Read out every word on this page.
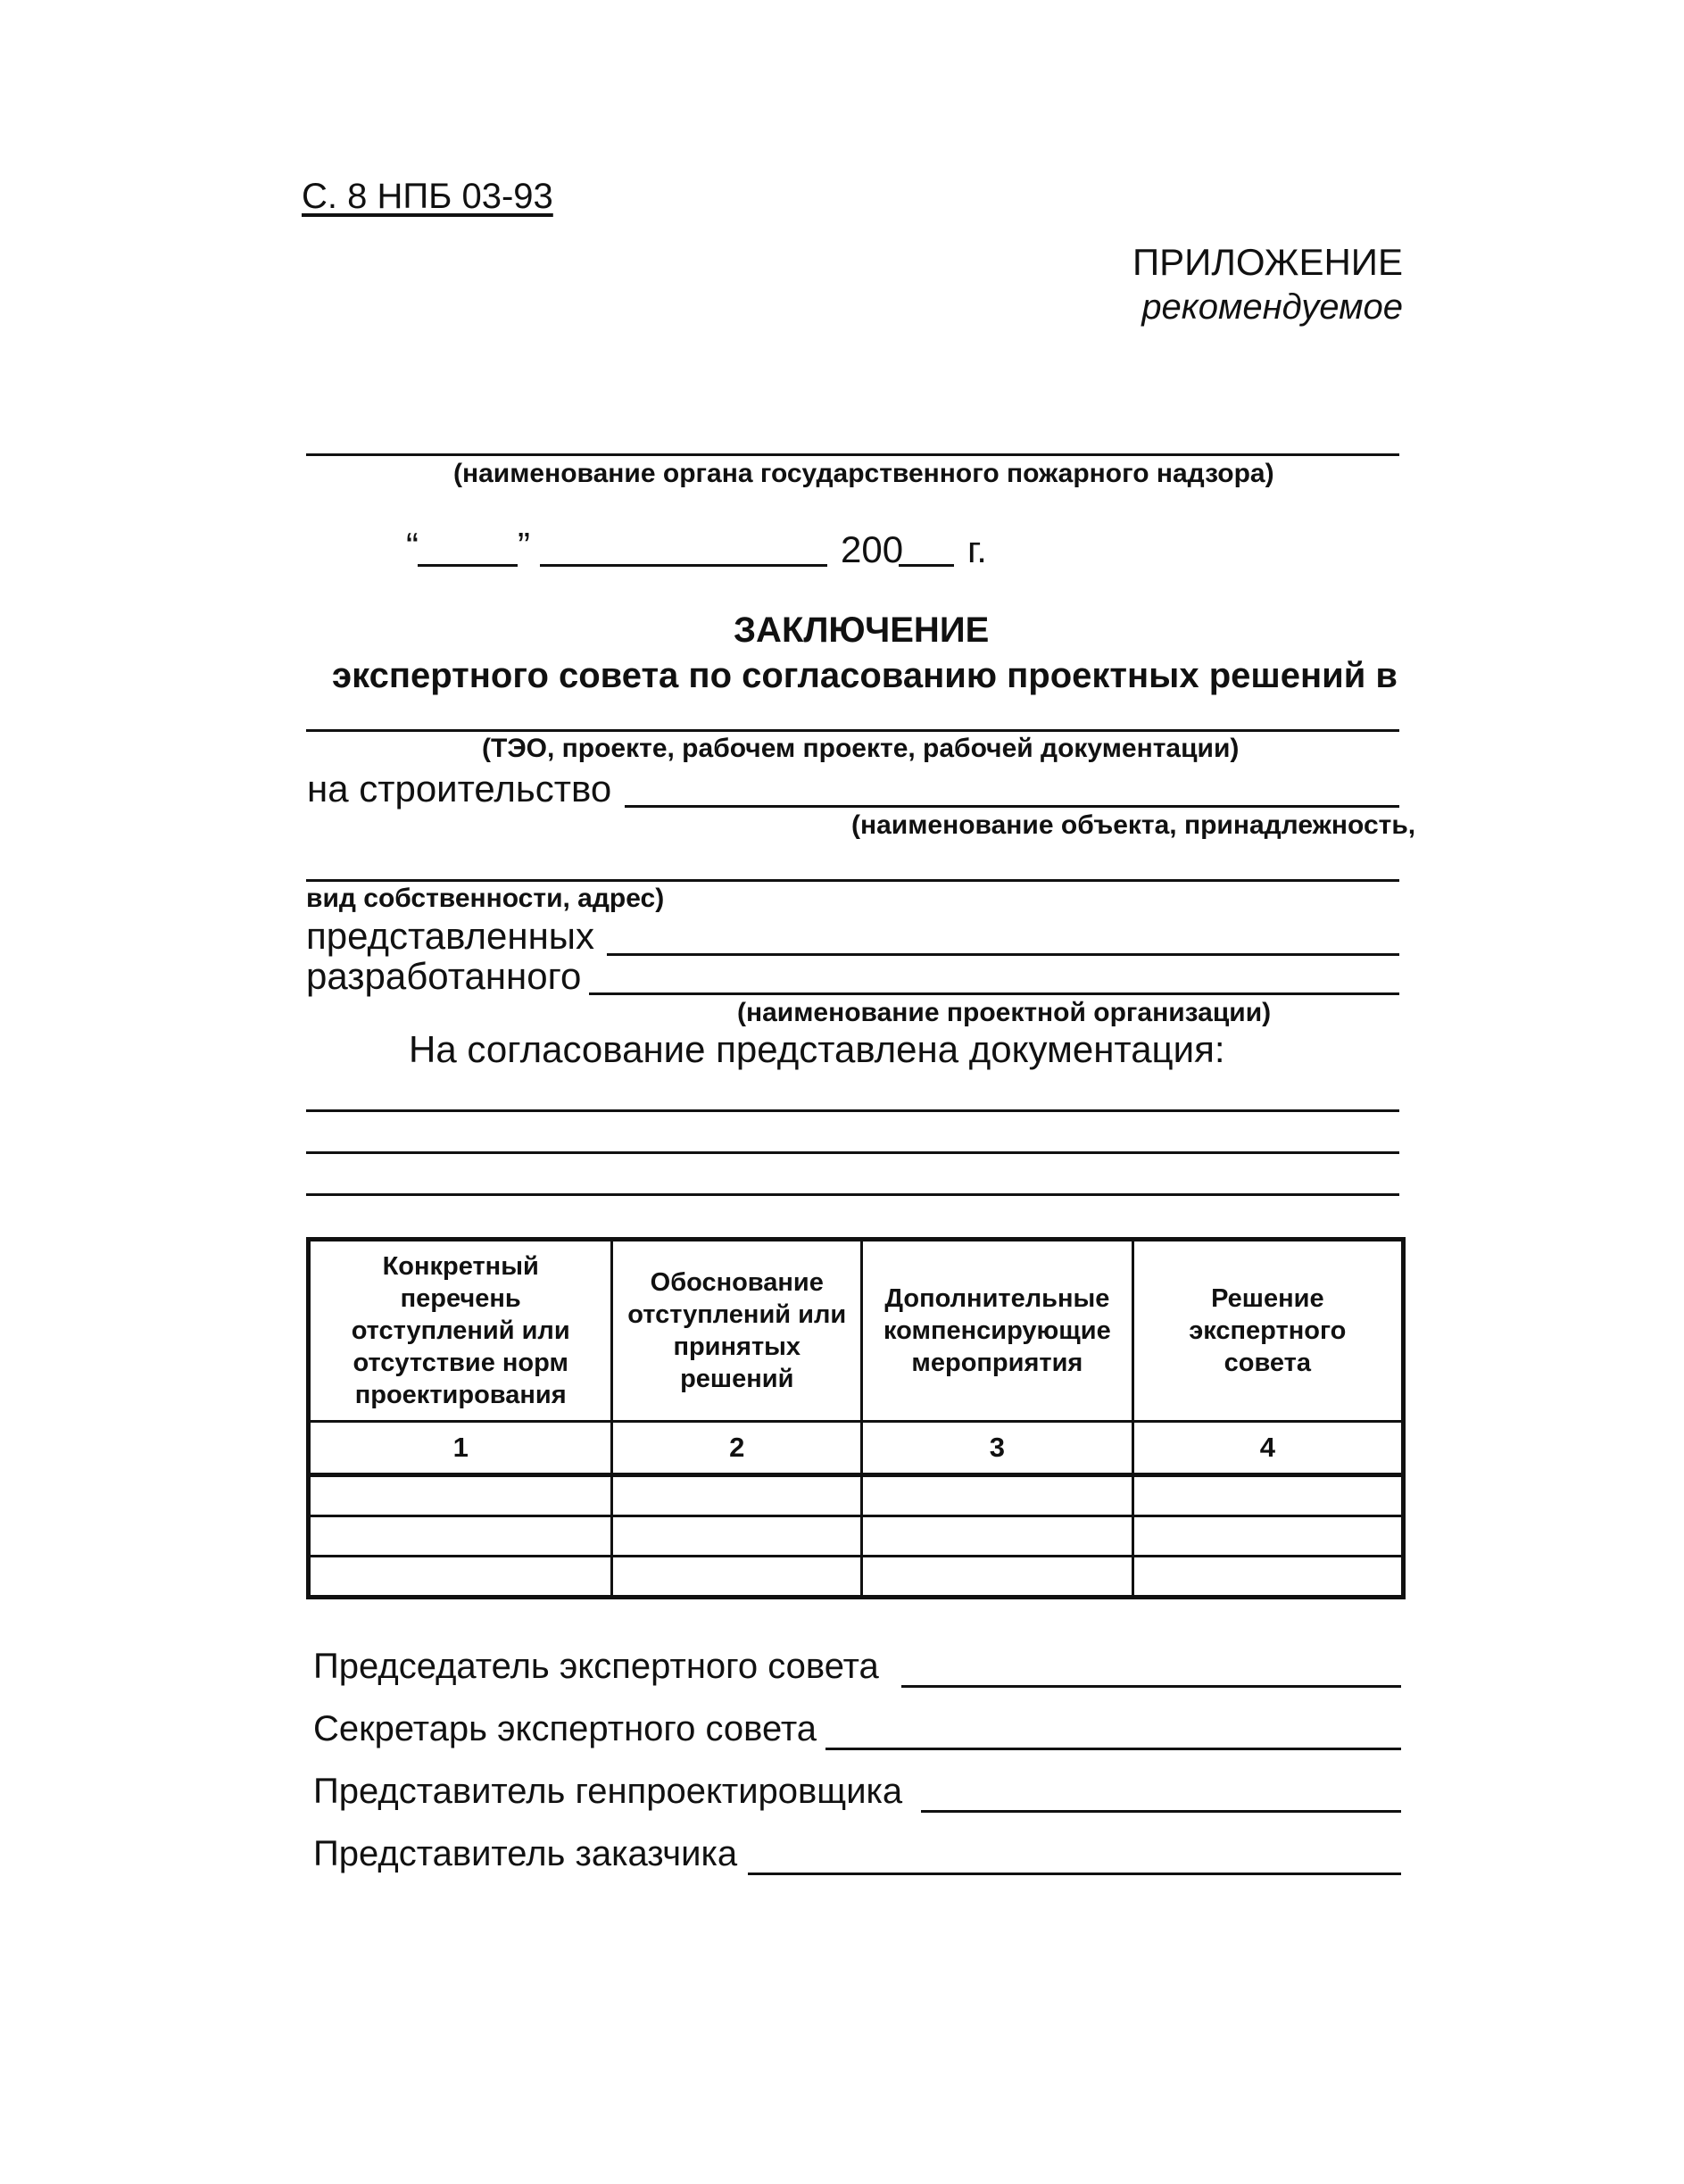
С. 8 НПБ 03-93
ПРИЛОЖЕНИЕ
рекомендуемое
(наименование органа государственного пожарного надзора)
“	”	200 г.
ЗАКЛЮЧЕНИЕ
экспертного совета по согласованию проектных решений в
(ТЭО, проекте, рабочем проекте, рабочей документации)
на строительство
(наименование объекта, принадлежность,
вид собственности, адрес)
представленных
разработанного
(наименование проектной организации)
На согласование представлена документация:
Конкретный перечень отступлений или отсутствие норм проектирования	Обоснование отступлений или принятых решений	Дополнительные компенсирующие мероприятия	Решение экспертного совета
1	2	3	4

Председатель экспертного совета
Секретарь экспертного совета
Представитель генпроектировщика
Представитель заказчика
